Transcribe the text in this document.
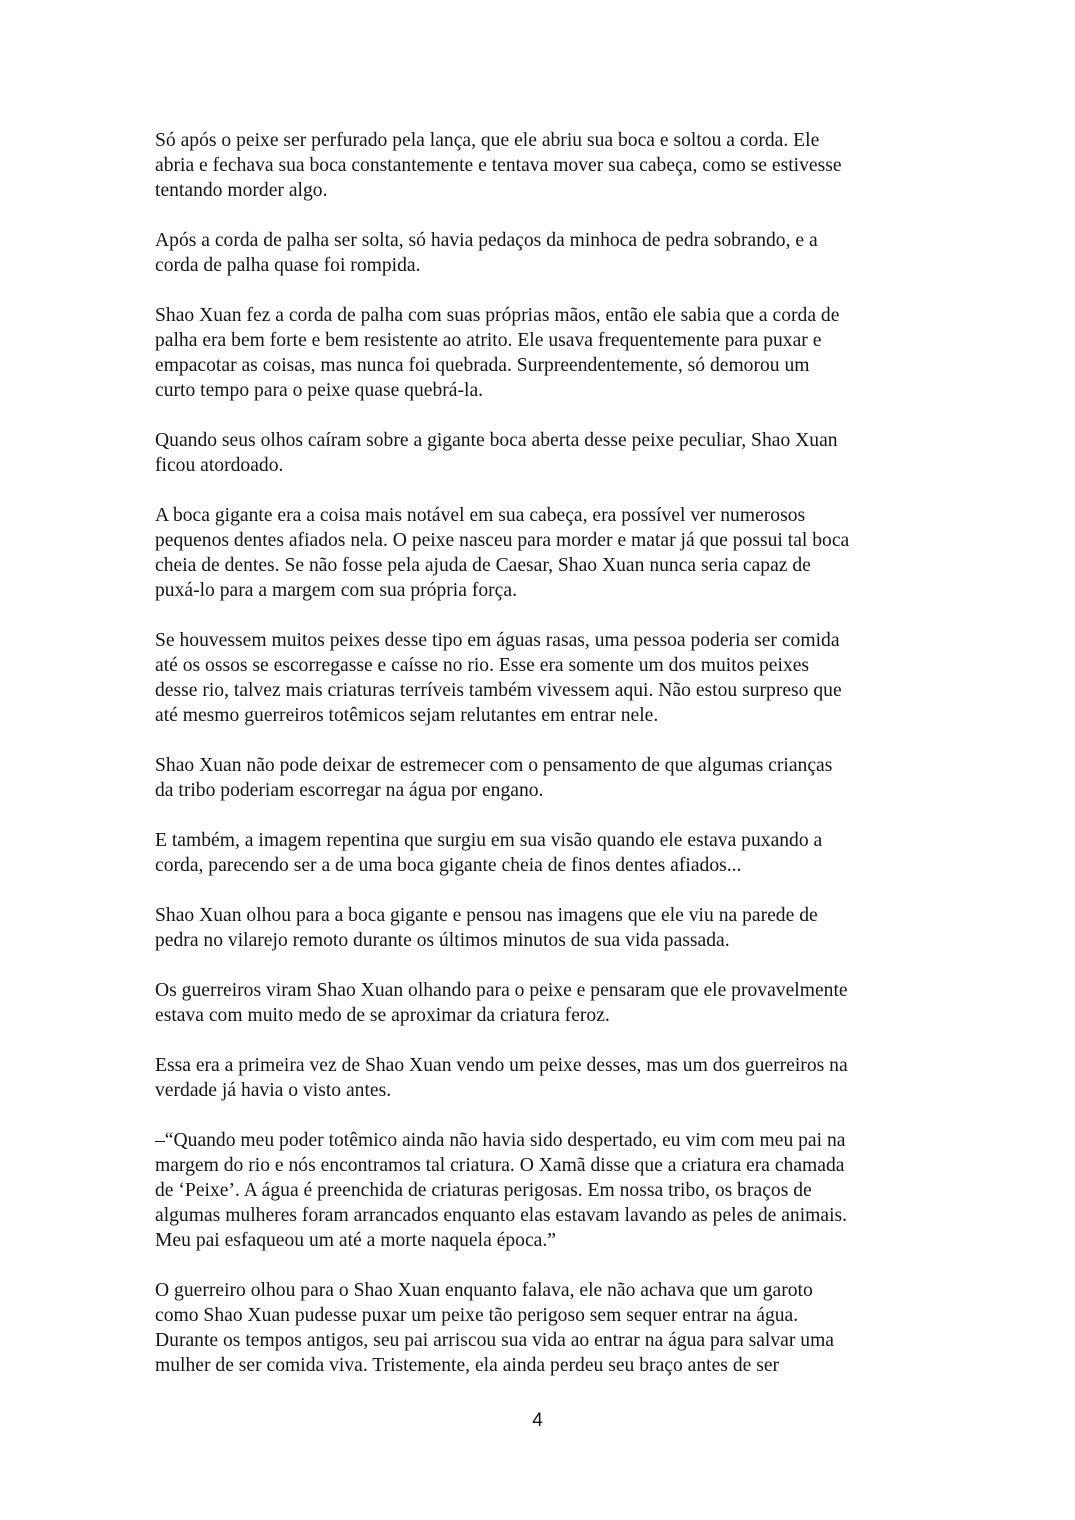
Só após o peixe ser perfurado pela lança, que ele abriu sua boca e soltou a corda. Ele
abria e fechava sua boca constantemente e tentava mover sua cabeça, como se estivesse
tentando morder algo.

Após a corda de palha ser solta, só havia pedaços da minhoca de pedra sobrando, e a
corda de palha quase foi rompida.

Shao Xuan fez a corda de palha com suas próprias mãos, então ele sabia que a corda de
palha era bem forte e bem resistente ao atrito. Ele usava frequentemente para puxar e
empacotar as coisas, mas nunca foi quebrada. Surpreendentemente, só demorou um
curto tempo para o peixe quase quebrá-la.

Quando seus olhos caíram sobre a gigante boca aberta desse peixe peculiar, Shao Xuan
ficou atordoado.

A boca gigante era a coisa mais notável em sua cabeça, era possível ver numerosos
pequenos dentes afiados nela. O peixe nasceu para morder e matar já que possui tal boca
cheia de dentes. Se não fosse pela ajuda de Caesar, Shao Xuan nunca seria capaz de
puxá-lo para a margem com sua própria força.

Se houvessem muitos peixes desse tipo em águas rasas, uma pessoa poderia ser comida
até os ossos se escorregasse e caísse no rio. Esse era somente um dos muitos peixes
desse rio, talvez mais criaturas terríveis também vivessem aqui. Não estou surpreso que
até mesmo guerreiros totêmicos sejam relutantes em entrar nele.

Shao Xuan não pode deixar de estremecer com o pensamento de que algumas crianças
da tribo poderiam escorregar na água por engano.

E também, a imagem repentina que surgiu em sua visão quando ele estava puxando a
corda, parecendo ser a de uma boca gigante cheia de finos dentes afiados...

Shao Xuan olhou para a boca gigante e pensou nas imagens que ele viu na parede de
pedra no vilarejo remoto durante os últimos minutos de sua vida passada.

Os guerreiros viram Shao Xuan olhando para o peixe e pensaram que ele provavelmente
estava com muito medo de se aproximar da criatura feroz.

Essa era a primeira vez de Shao Xuan vendo um peixe desses, mas um dos guerreiros na
verdade já havia o visto antes.

–“Quando meu poder totêmico ainda não havia sido despertado, eu vim com meu pai na
margem do rio e nós encontramos tal criatura. O Xamã disse que a criatura era chamada
de ‘Peixe’. A água é preenchida de criaturas perigosas. Em nossa tribo, os braços de
algumas mulheres foram arrancados enquanto elas estavam lavando as peles de animais.
Meu pai esfaqueou um até a morte naquela época.”

O guerreiro olhou para o Shao Xuan enquanto falava, ele não achava que um garoto
como Shao Xuan pudesse puxar um peixe tão perigoso sem sequer entrar na água.
Durante os tempos antigos, seu pai arriscou sua vida ao entrar na água para salvar uma
mulher de ser comida viva. Tristemente, ela ainda perdeu seu braço antes de ser

4
